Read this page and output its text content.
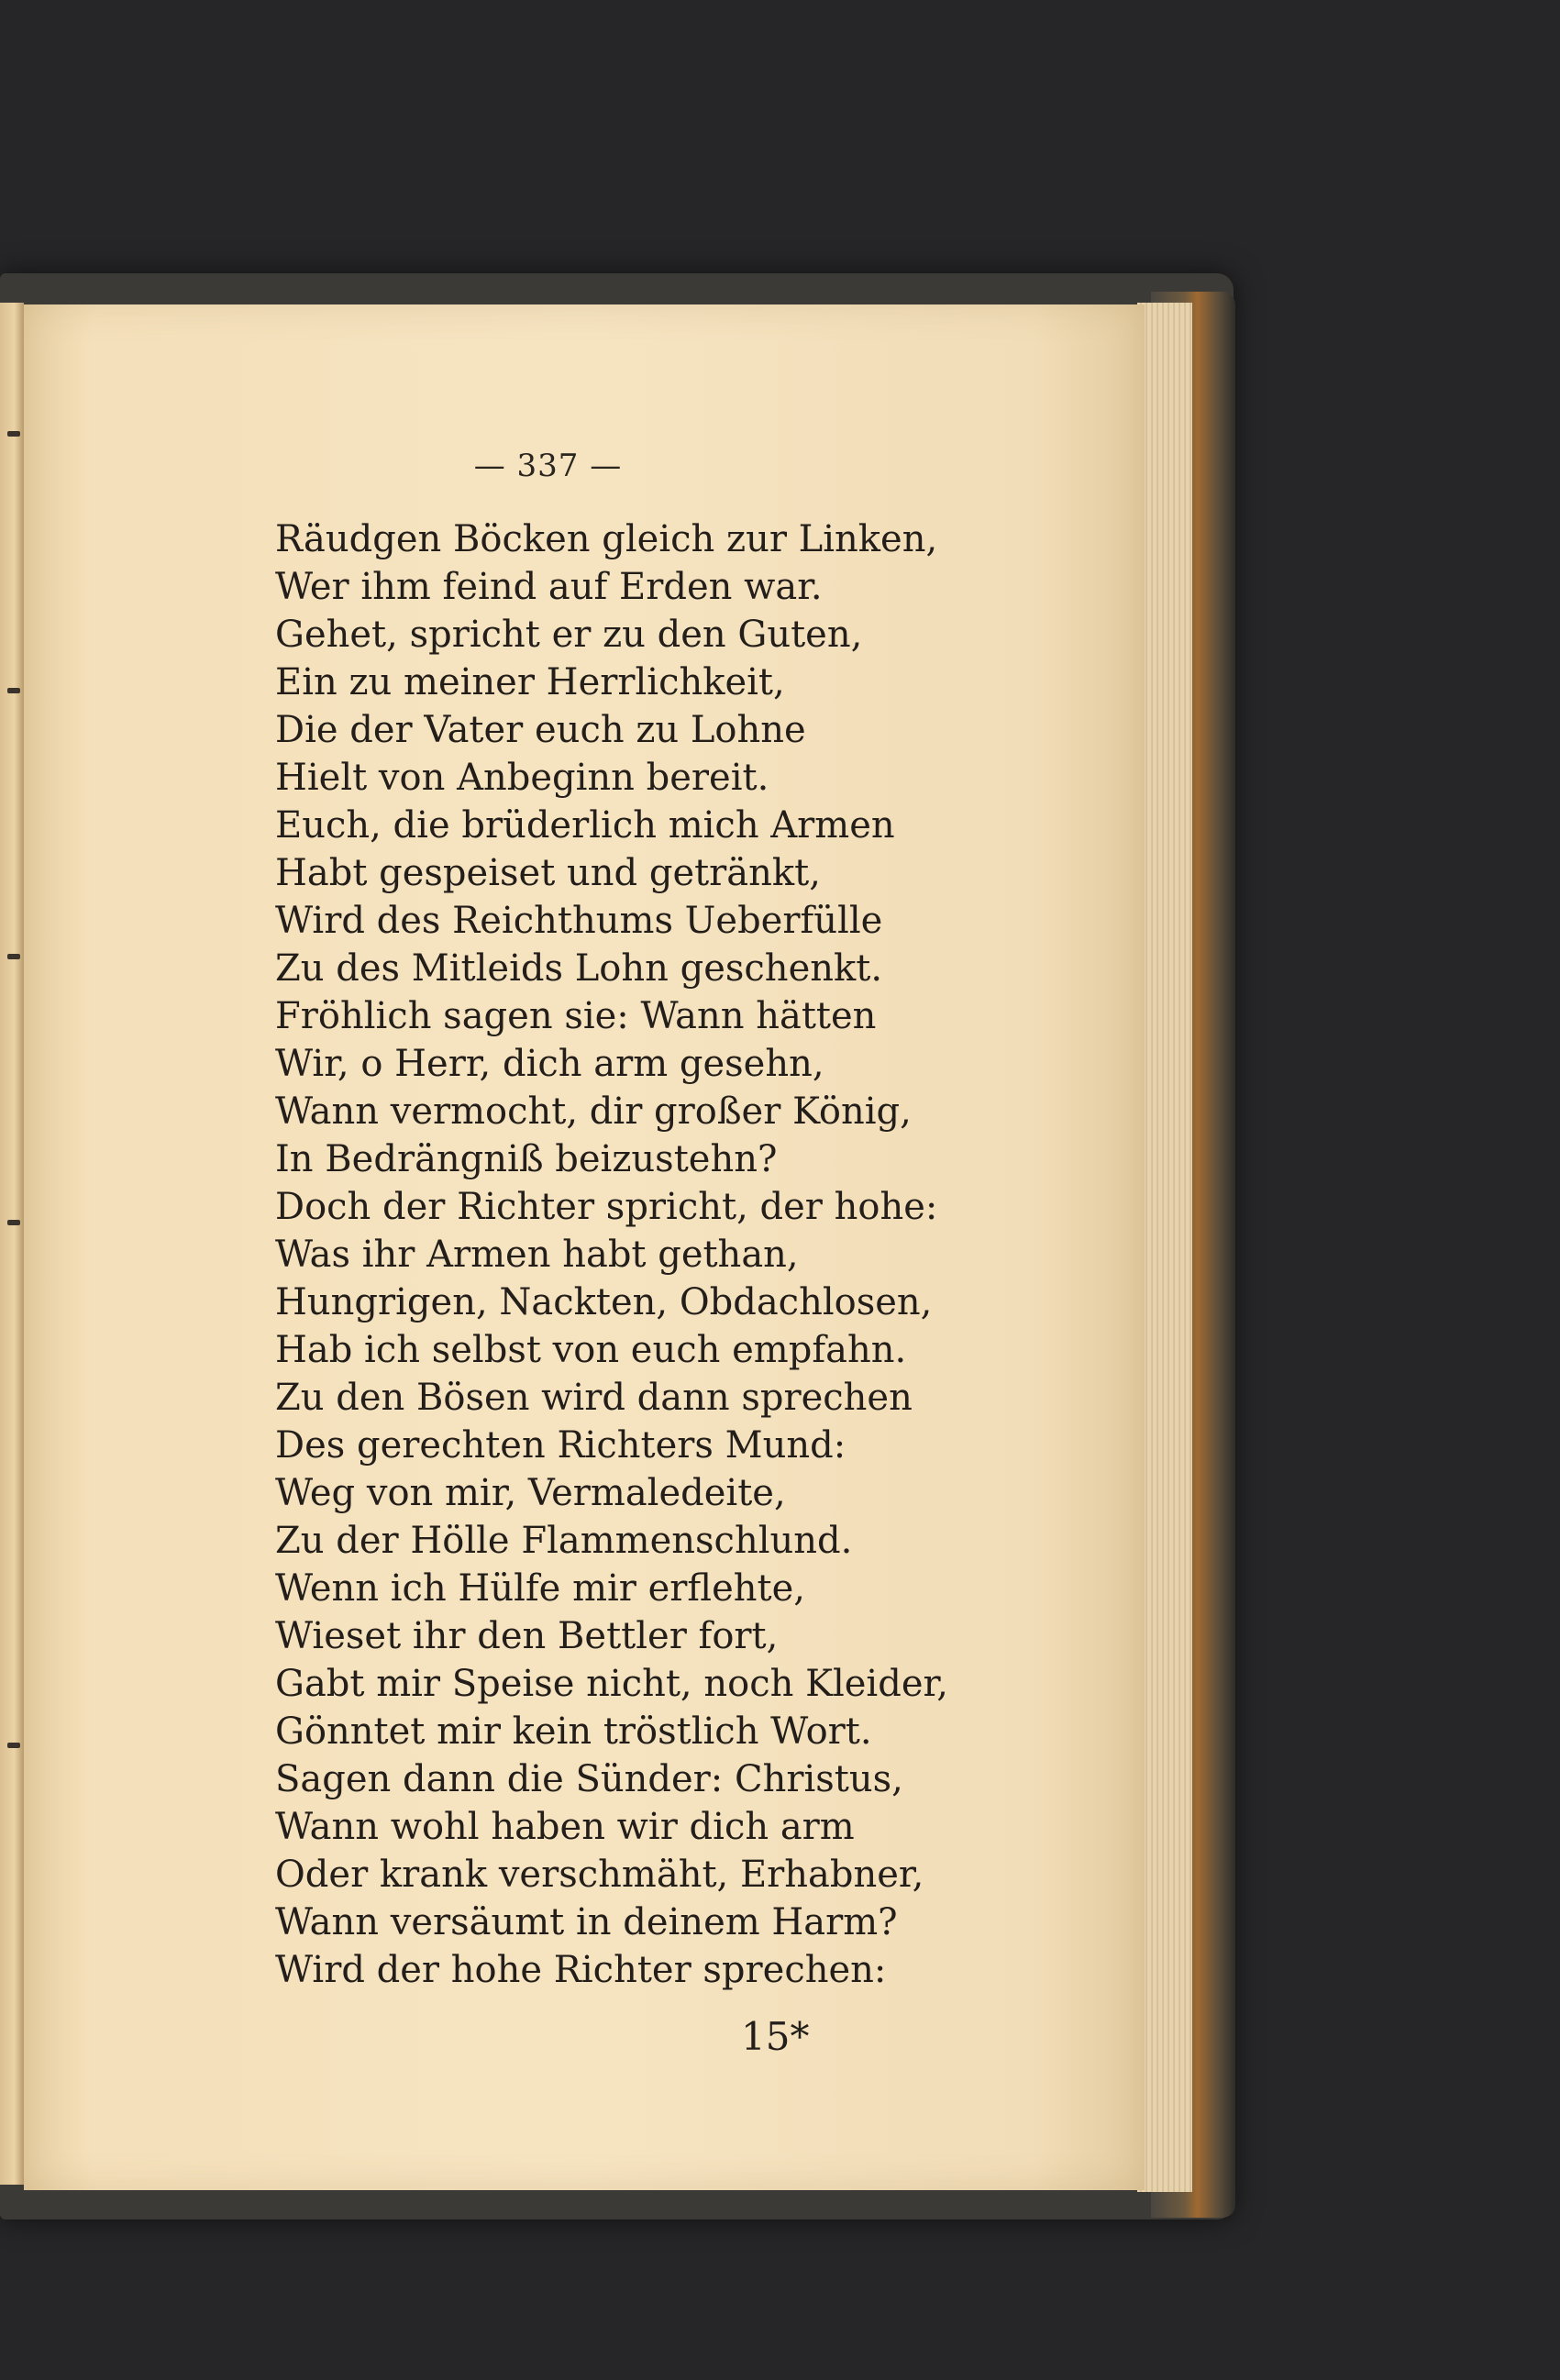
— 337 —
Räudgen Böcken gleich zur Linken,
Wer ihm feind auf Erden war.
Gehet, spricht er zu den Guten,
Ein zu meiner Herrlichkeit,
Die der Vater euch zu Lohne
Hielt von Anbeginn bereit.
Euch, die brüderlich mich Armen
Habt gespeiset und getränkt,
Wird des Reichthums Ueberfülle
Zu des Mitleids Lohn geschenkt.
Fröhlich sagen sie: Wann hätten
Wir, o Herr, dich arm gesehn,
Wann vermocht, dir großer König,
In Bedrängniß beizustehn?
Doch der Richter spricht, der hohe:
Was ihr Armen habt gethan,
Hungrigen, Nackten, Obdachlosen,
Hab ich selbst von euch empfahn.
Zu den Bösen wird dann sprechen
Des gerechten Richters Mund:
Weg von mir, Vermaledeite,
Zu der Hölle Flammenschlund.
Wenn ich Hülfe mir erflehte,
Wieset ihr den Bettler fort,
Gabt mir Speise nicht, noch Kleider,
Gönntet mir kein tröstlich Wort.
Sagen dann die Sünder: Christus,
Wann wohl haben wir dich arm
Oder krank verschmäht, Erhabner,
Wann versäumt in deinem Harm?
Wird der hohe Richter sprechen:
15*
